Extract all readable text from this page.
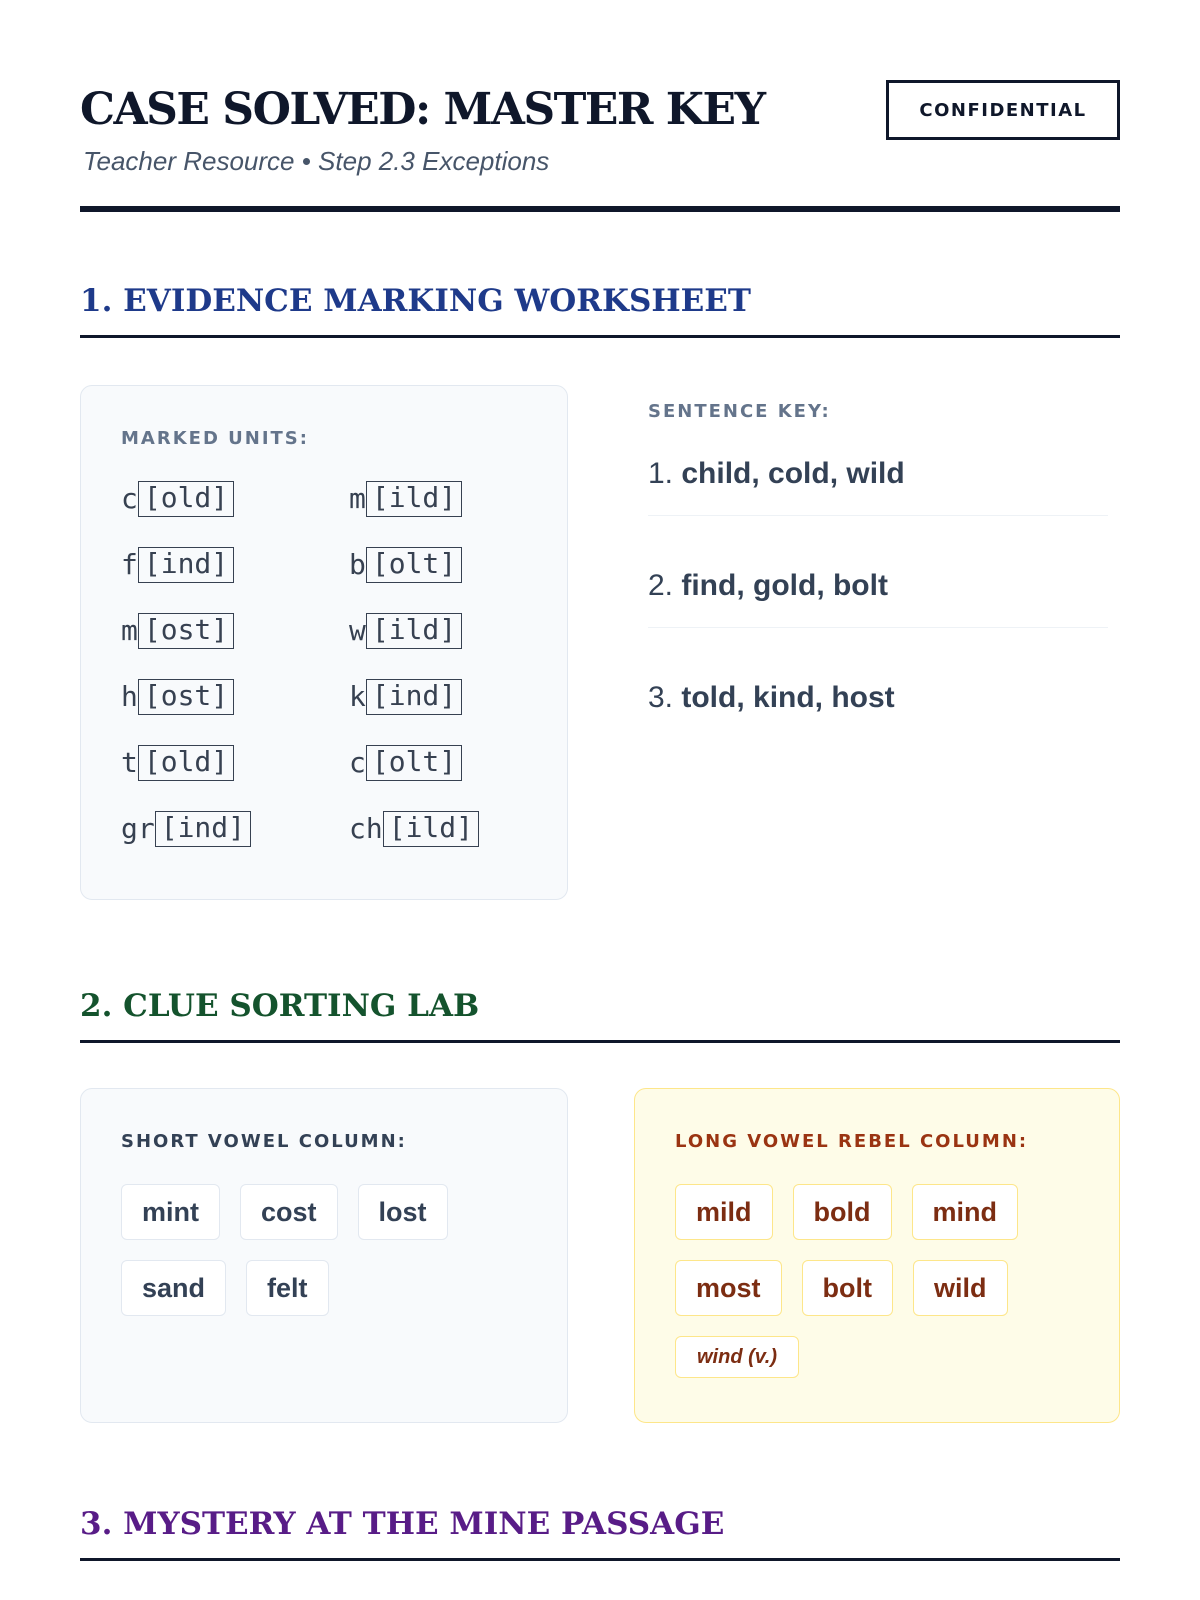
CASE SOLVED: MASTER KEY
Teacher Resource • Step 2.3 Exceptions
CONFIDENTIAL
1. EVIDENCE MARKING WORKSHEET
MARKED UNITS:
c [old]	m [ild]
f [ind]	b [olt]
m [ost]	w [ild]
h [ost]	k [ind]
t [old]	c [olt]
gr [ind]	ch [ild]
SENTENCE KEY:
1. child, cold, wild
2. find, gold, bolt
3. told, kind, host
2. CLUE SORTING LAB
SHORT VOWEL COLUMN:
mint	cost	lost
sand	felt
LONG VOWEL REBEL COLUMN:
mild	bold	mind
most	bolt	wild
wind (v.)
3. MYSTERY AT THE MINE PASSAGE
